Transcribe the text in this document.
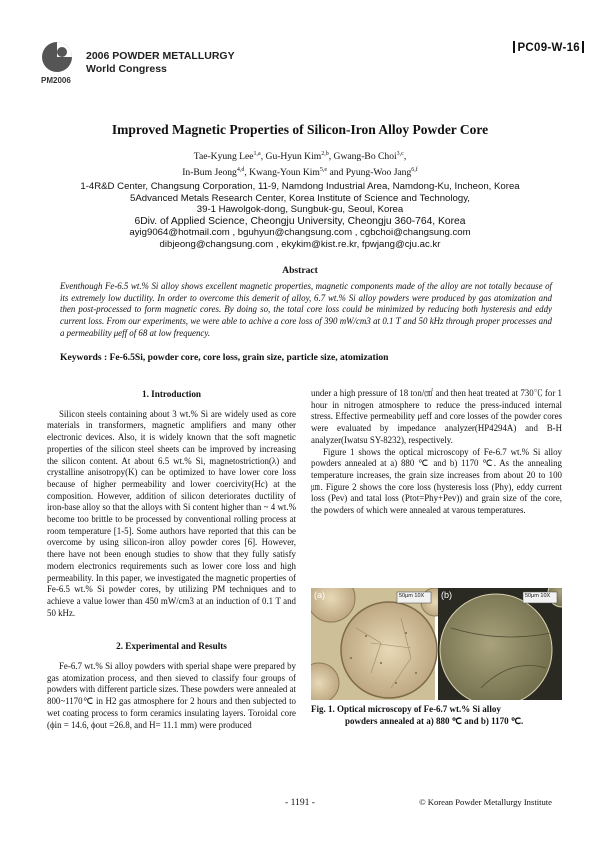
PM2006
2006 POWDER METALLURGY
World Congress
PC09-W-16
Improved Magnetic Properties of Silicon-Iron Alloy Powder Core
Tae-Kyung Lee$^{1,a}$, Gu-Hyun Kim$^{2,b}$, Gwang-Bo Choi$^{3,c}$,
In-Bum Jeong$^{4,d}$, Kwang-Youn Kim$^{5,e}$ and Pyung-Woo Jang$^{6,f}$
1-4R&D Center, Changsung Corporation, 11-9, Namdong Industrial Area, Namdong-Ku, Incheon, Korea
5Advanced Metals Research Center, Korea Institute of Science and Technology,
39-1 Hawolgok-dong, Sungbuk-gu, Seoul, Korea
6Div. of Applied Science, Cheongju University, Cheongju 360-764, Korea
ayig9064@hotmail.com , bguhyun@changsung.com , cgbchoi@changsung.com
dibjeong@changsung.com , ekykim@kist.re.kr, fpwjang@cju.ac.kr
Abstract
Eventhough Fe-6.5 wt.% Si alloy shows excellent magnetic properties, magnetic components made of the alloy are not totally because of its extremely low ductility. In order to overcome this demerit of alloy, 6.7 wt.% Si alloy powders were produced by gas atomization and then post-processed to form magnetic cores. By doing so, the total core loss could be minimized by reducing both hysteresis and eddy current loss. From our experiments, we were able to achive a core loss of 390 mW/cm3 at 0.1 T and 50 kHz through proper processes and a permeability μeff of 68 at low frequency.
Keywords : Fe-6.5Si, powder core, core loss, grain size, particle size, atomization
1. Introduction

Silicon steels containing about 3 wt.% Si are widely used as core materials in transformers, magnetic amplifiers and many other electronic devices. Also, it is widely known that the soft magnetic properties of the silicon steel sheets can be improved by increasing the silicon content. At about 6.5 wt.% Si, magnetostriction(λ) and crystalline anisotropy(K) can be optimized to have lower core loss because of higher permeability and lower coercivity(Hc) at the composition. However, addition of silicon deteriorates ductility of iron-base alloy so that the alloys with Si content higher than ~ 4 wt.% become too brittle to be processed by conventional rolling process at room temperature [1-5]. Some authors have reported that this can be overcome by using silicon-iron alloy powder cores [6]. However, there have not been enough studies to show that they fully satisfy modern electronics requirements such as lower core loss and high permeability. In this paper, we investigated the magnetic properties of Fe-6.5 wt.% Si powder cores, by utilizing PM techniques and to achieve a value lower than 450 mW/cm3 at an induction of 0.1 T and 50 kHz.

2. Experimental and Results

Fe-6.7 wt.% Si alloy powders with sperial shape were prepared by gas atomization process, and then sieved to classify four groups of powders with different particle sizes. These powders were annealed at 800~1170℃ in H2 gas atmosphere for 2 hours and then subjected to wet coating process to form ceramics insulating layers. Toroidal core (ϕin = 14.6, ϕout =26.8, and H= 11.1 mm) were produced

under a high pressure of 18 ton/㎠ and then heat treated at 730℃ for 1 hour in nitrogen atmosphere to reduce the press-induced internal stress. Effective permeability μeff and core losses of the powder cores were evaluated by impedance analyzer(HP4294A) and B-H analyzer(Iwatsu SY-8232), respectively.

Figure 1 shows the optical microscopy of Fe-6.7 wt.% Si alloy powders annealed at a) 880 ℃ and b) 1170 ℃. As the annealing temperature increases, the grain size increases from about 20 to 100 ㎛. Figure 2 shows the core loss (hysteresis loss (Phy), eddy current loss (Pev) and tatal loss (Ptot=Phy+Pev)) and grain size of the core, the powders of which were annealed at varous temperatures.

(a)	(b)
50μm 10X	50μm 10X
Fig. 1. Optical microscopy of Fe-6.7 wt.% Si alloy
powders annealed at a) 880 ℃ and b) 1170 ℃.
- 1191 -	© Korean Powder Metallurgy Institute
